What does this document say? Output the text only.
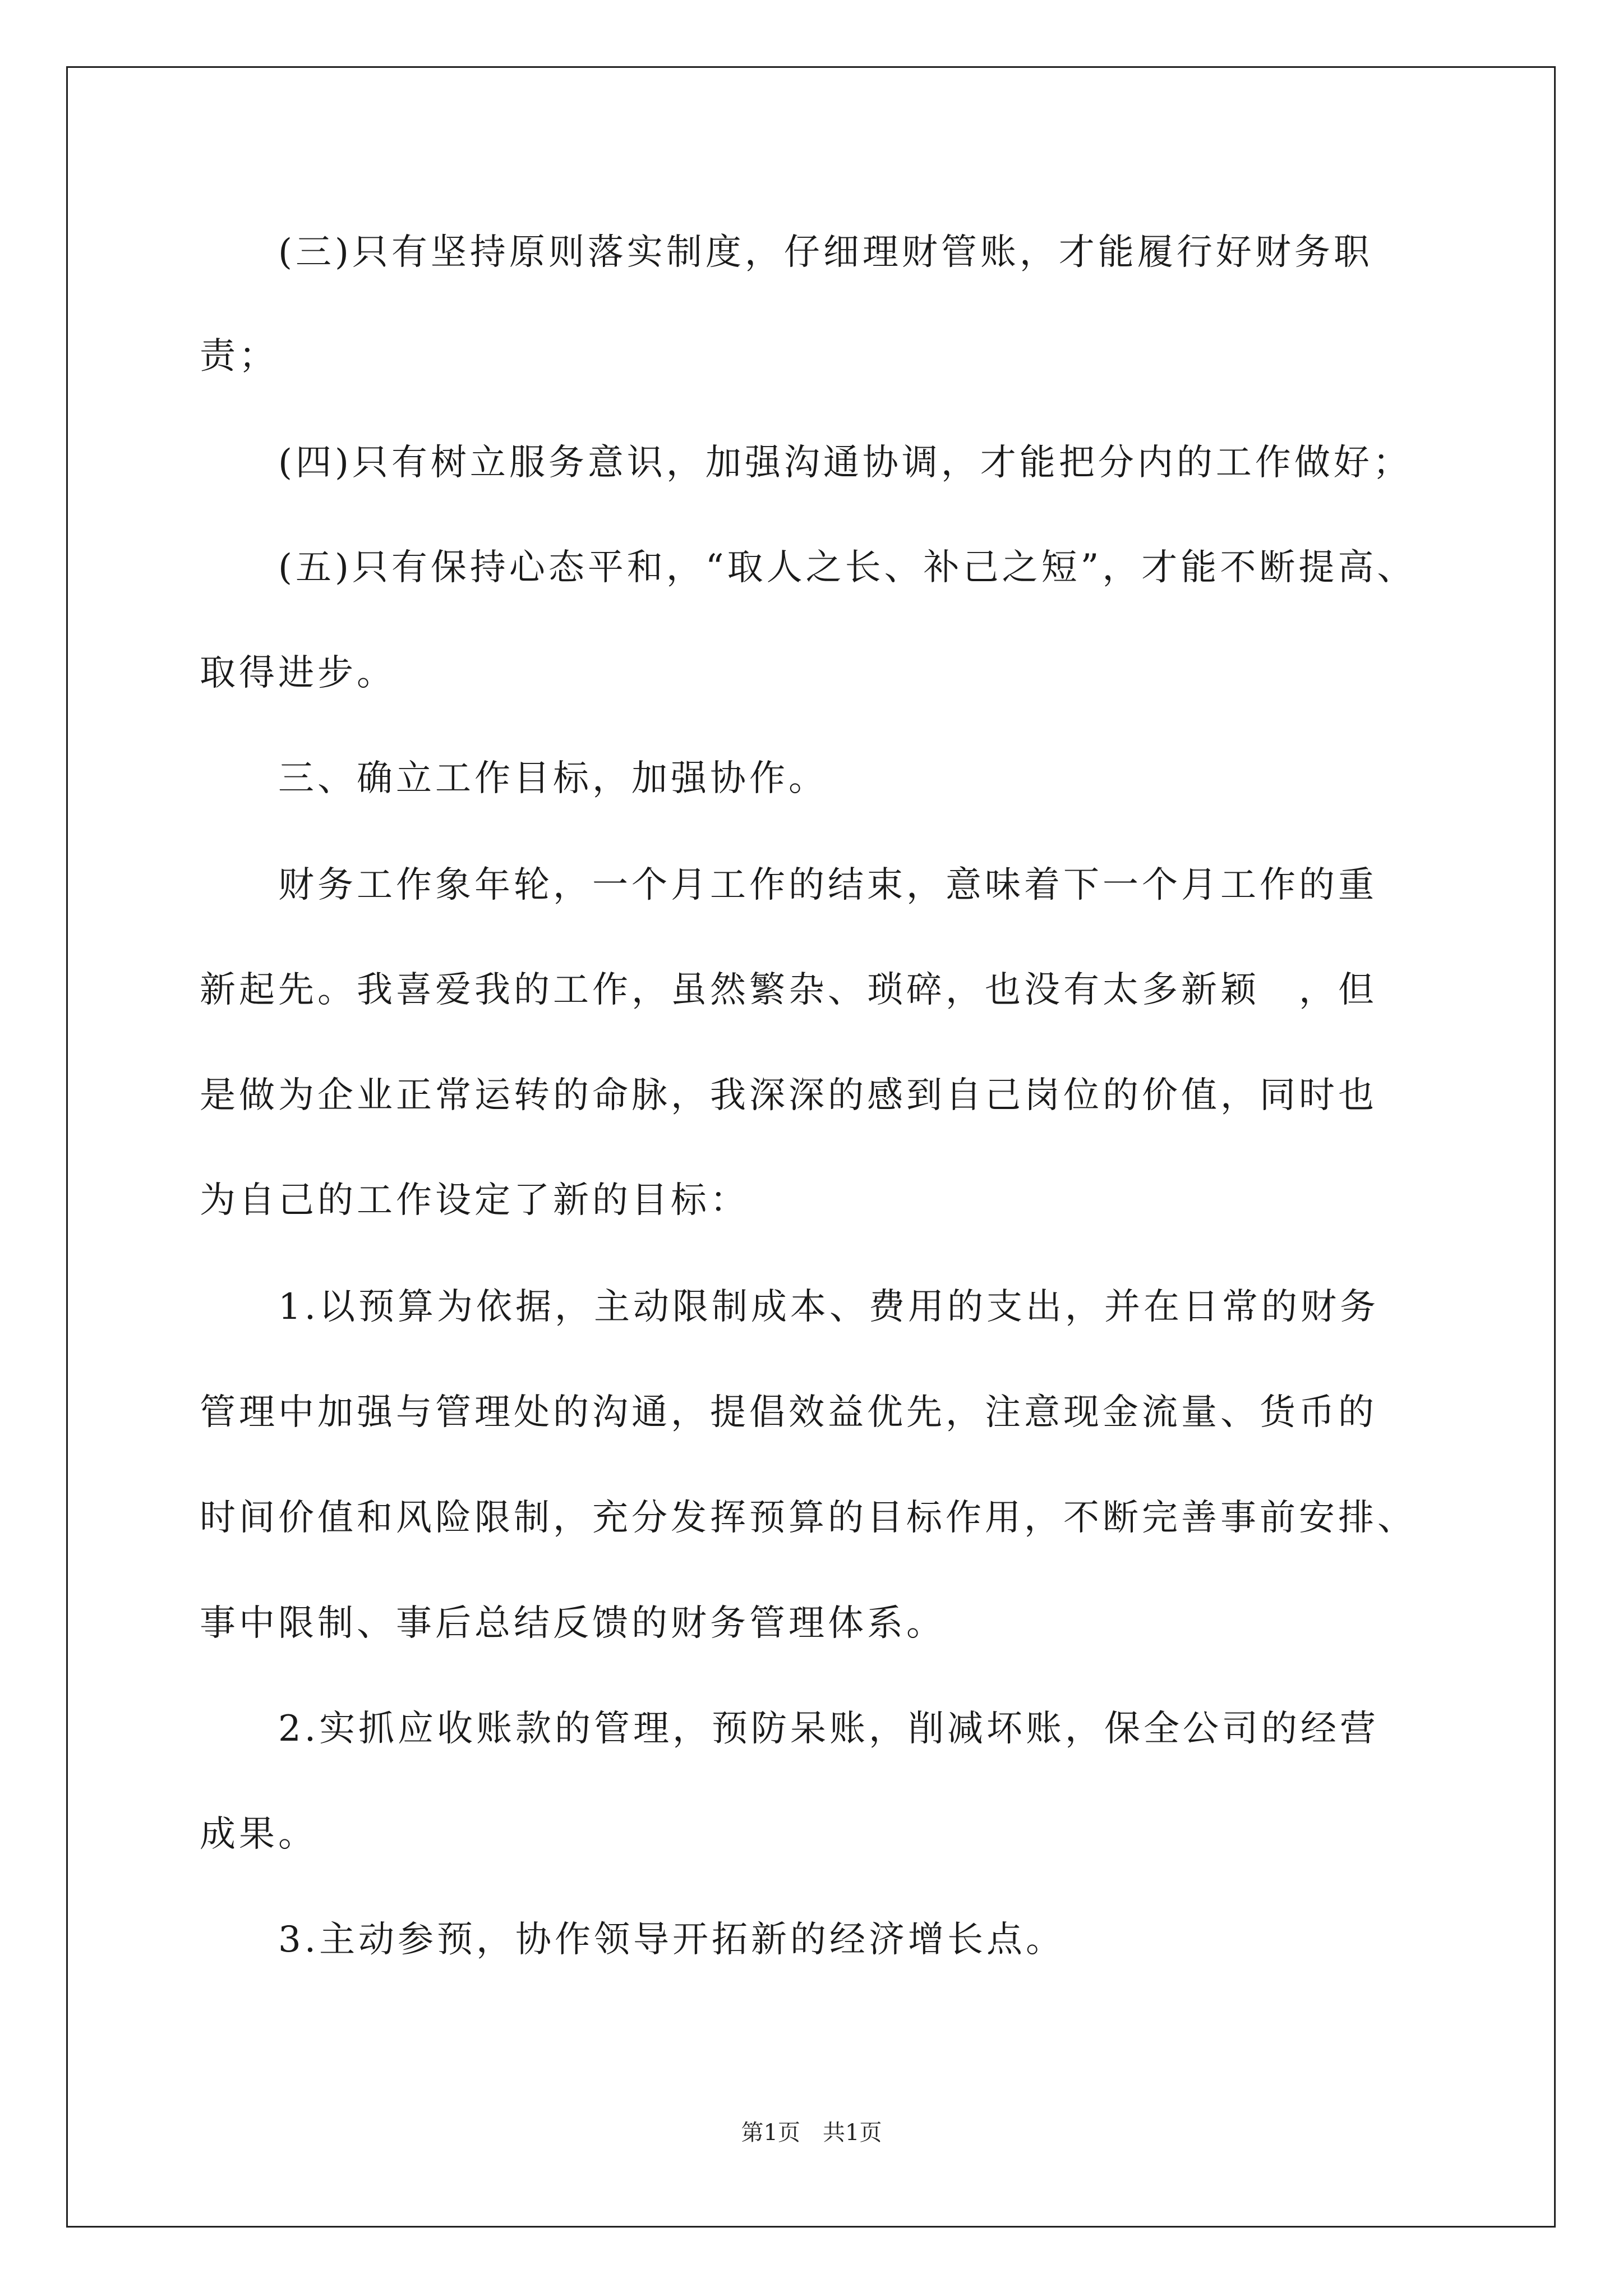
(三)只有坚持原则落实制度，仔细理财管账，才能履行好财务职
责；
(四)只有树立服务意识，加强沟通协调，才能把分内的工作做好；
(五)只有保持心态平和，“取人之长、补己之短”，才能不断提高、
取得进步。
三、确立工作目标，加强协作。
财务工作象年轮，一个月工作的结束，意味着下一个月工作的重
新起先。我喜爱我的工作，虽然繁杂、琐碎，也没有太多新颖　，但
是做为企业正常运转的命脉，我深深的感到自己岗位的价值，同时也
为自己的工作设定了新的目标：
1.以预算为依据，主动限制成本、费用的支出，并在日常的财务
管理中加强与管理处的沟通，提倡效益优先，注意现金流量、货币的
时间价值和风险限制，充分发挥预算的目标作用，不断完善事前安排、
事中限制、事后总结反馈的财务管理体系。
2.实抓应收账款的管理，预防呆账，削减坏账，保全公司的经营
成果。
3.主动参预，协作领导开拓新的经济增长点。
第1页　共1页
